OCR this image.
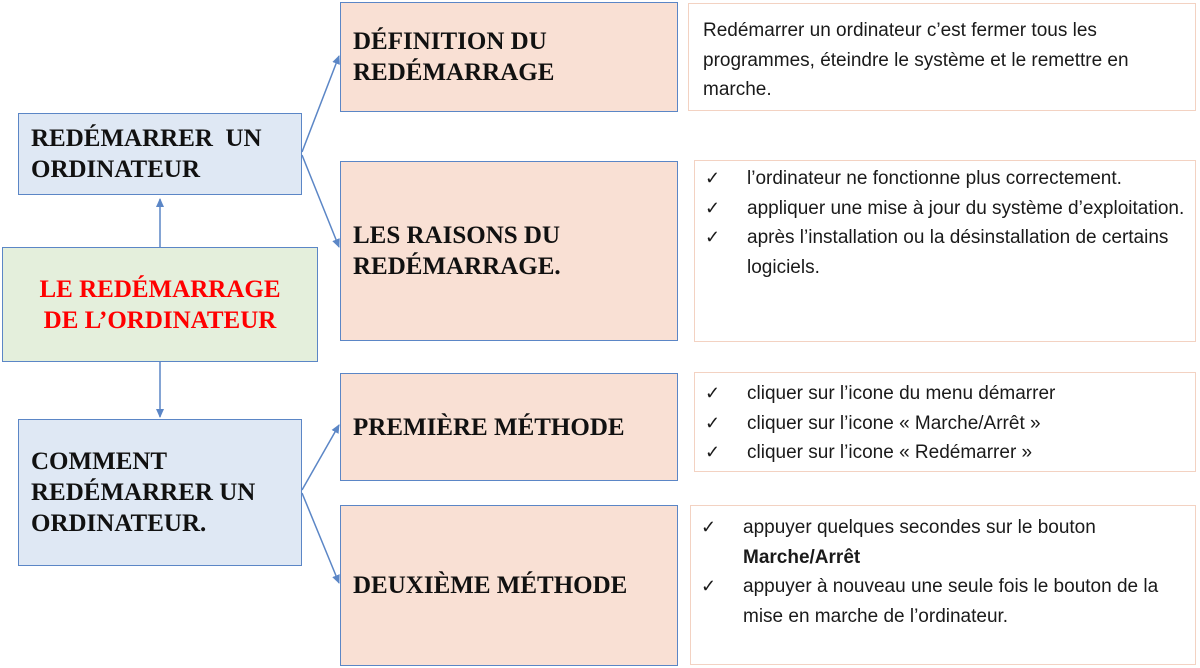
REDÉMARRER  UN ORDINATEUR
LE REDÉMARRAGE DE L’ORDINATEUR
COMMENT REDÉMARRER UN ORDINATEUR.
DÉFINITION DU REDÉMARRAGE
LES RAISONS DU REDÉMARRAGE.
PREMIÈRE MÉTHODE
DEUXIÈME MÉTHODE

Redémarrer un ordinateur c’est fermer tous les programmes, éteindre le système et le remettre en marche.

✓ l’ordinateur ne fonctionne plus correctement.
✓ appliquer une mise à jour du système d’exploitation.
✓ après l’installation ou la désinstallation de certains logiciels.
✓ cliquer sur l’icone du menu démarrer
✓ cliquer sur l’icone « Marche/Arrêt »
✓ cliquer sur l’icone « Redémarrer »
✓ appuyer quelques secondes sur le bouton
Marche/Arrêt
✓ appuyer à nouveau une seule fois le bouton de la mise en marche de l’ordinateur.
